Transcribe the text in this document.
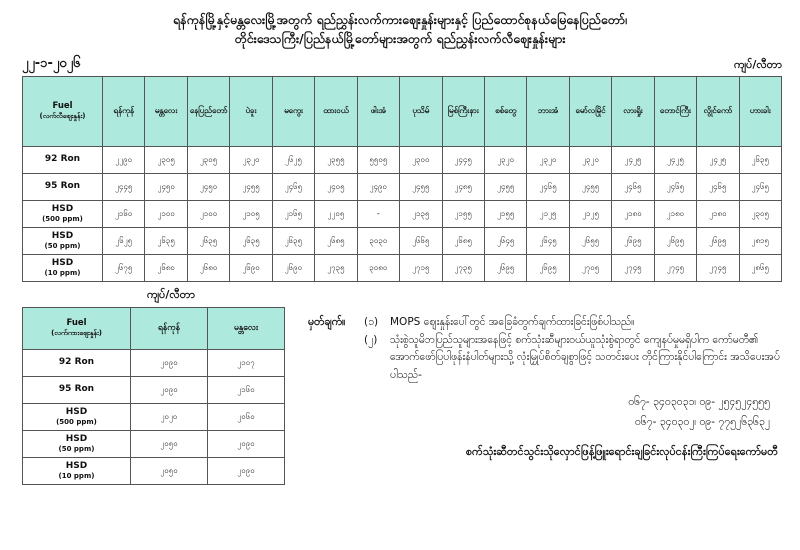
ရန်ကုန်မြို့နှင့်မန္တလေးမြို့အတွက် ရည်ညွှန်းလက်ကားဈေးနှုန်းများနှင့် ပြည်ထောင်စုနယ်မြေနေပြည်တော်၊
တိုင်းဒေသကြီး/ပြည်နယ်မြို့တော်များအတွက် ရည်ညွှန်းလက်လီဈေးနှုန်းများ
၂၂-၁-၂၀၂၆	ကျပ်/လီတာ
Fuel
(လက်လီဈေးနှုန်း)	ရန်ကုန်	မန္တလေး	နေပြည်တော်	ပဲခူး	မကွေး	ထားဝယ်	ဖါးအံ	ပုသိမ်	မြစ်ကြီးနား	စစ်တွေ	ဘားအံ	မော်လမြိုင်	လားရှိုး	တောင်ကြီး	လွိုင်ကော်	ဟားခါး
92 Ron	၂၂၉၀	၂၃၀၅	၂၃၀၅	၂၃၂၀	၂၆၂၅	၂၃၅၅	၅၅၀၅	၂၃၀၀	၂၄၄၅	၂၃၂၀	၂၃၂၀	၂၃၂၀	၂၄၂၅	၂၄၂၅	၂၄၂၅	၂၆၃၅
95 Ron	၂၄၄၅	၂၄၅၀	၂၄၅၀	၂၄၅၅	၂၄၆၅	၂၄၀၅	၂၄၉၀	၂၄၅၅	၂၄၈၅	၂၄၅၅	၂၄၆၅	၂၄၅၅	၂၄၆၅	၂၄၆၅	၂၄၆၅	၂၄၆၅
HSD
(500 ppm)	၂၁၆၀	၂၁၀၀	၂၁၀၀	၂၁၀၅	၂၁၆၅	၂၂၀၅	-	၂၁၃၅	၂၁၅၅	၂၁၅၅	၂၁၂၅	၂၁၂၅	၂၁၈၀	၂၁၈၀	၂၁၈၀	၂၃၀၅
HSD
(50 ppm)	၂၆၂၅	၂၆၃၅	၂၆၃၅	၂၆၃၅	၂၆၃၅	၂၆၈၅	၃၀၃၀	၂၆၆၅	၂၆၈၅	၂၆၄၅	၂၆၄၅	၂၆၅၅	၂၆၉၅	၂၆၉၅	၂၆၉၅	၂၈၁၅
HSD
(10 ppm)	၂၆၇၅	၂၆၈၀	၂၆၈၀	၂၆၉၀	၂၆၉၀	၂၇၃၅	၃၀၈၀	၂၇၁၅	၂၇၃၅	၂၆၉၅	၂၆၉၅	၂၇၀၅	၂၇၄၅	၂၇၄၅	၂၇၄၅	၂၈၆၅
ကျပ်/လီတာ
Fuel
(လက်ကားဈေးနှုန်း)	ရန်ကုန်	မန္တလေး
92 Ron	၂၀၉၀	၂၁၀၇
95 Ron	၂၀၉၀	၂၁၆၀
HSD
(500 ppm)	၂၀၂၀	၂၀၆၀
HSD
(50 ppm)	၂၀၅၀	၂၀၉၀
HSD
(10 ppm)	၂၀၅၀	၂၀၉၀
မှတ်ချက်။	(၁)	MOPS ဈေးနှုန်းပေါ်တွင် အခြေခံတွက်ချက်ထားခြင်းဖြစ်ပါသည်။
(၂)	သုံးစွဲသူမိဘပြည်သူများအနေဖြင့် စက်သုံးဆီများဝယ်ယူသုံးစွဲရာတွင် ကျေနပ်မှုမရှိပါက ကော်မတီ၏ အောက်ဖော်ပြပါဖုန်းနံပါတ်များသို့ လုံးမြှုပ်စိတ်ချစွာဖြင့် သတင်းပေး တိုင်ကြားနိုင်ပါကြောင်း အသိပေးအပ်ပါသည်-
၀၆၇- ၃၄၀၃၀၃၁၊ ၀၉- ၂၅၄၅၂၄၅၅၅
၀၆၇- ၃၄၀၃၀၂၊ ၀၉- ၇၇၅၂၆၃၆၃၂
စက်သုံးဆီတင်သွင်းသိုလှောင်ဖြန့်ဖြူးရောင်းချခြင်းလုပ်ငန်းကြီးကြပ်ရေးကော်မတီ
